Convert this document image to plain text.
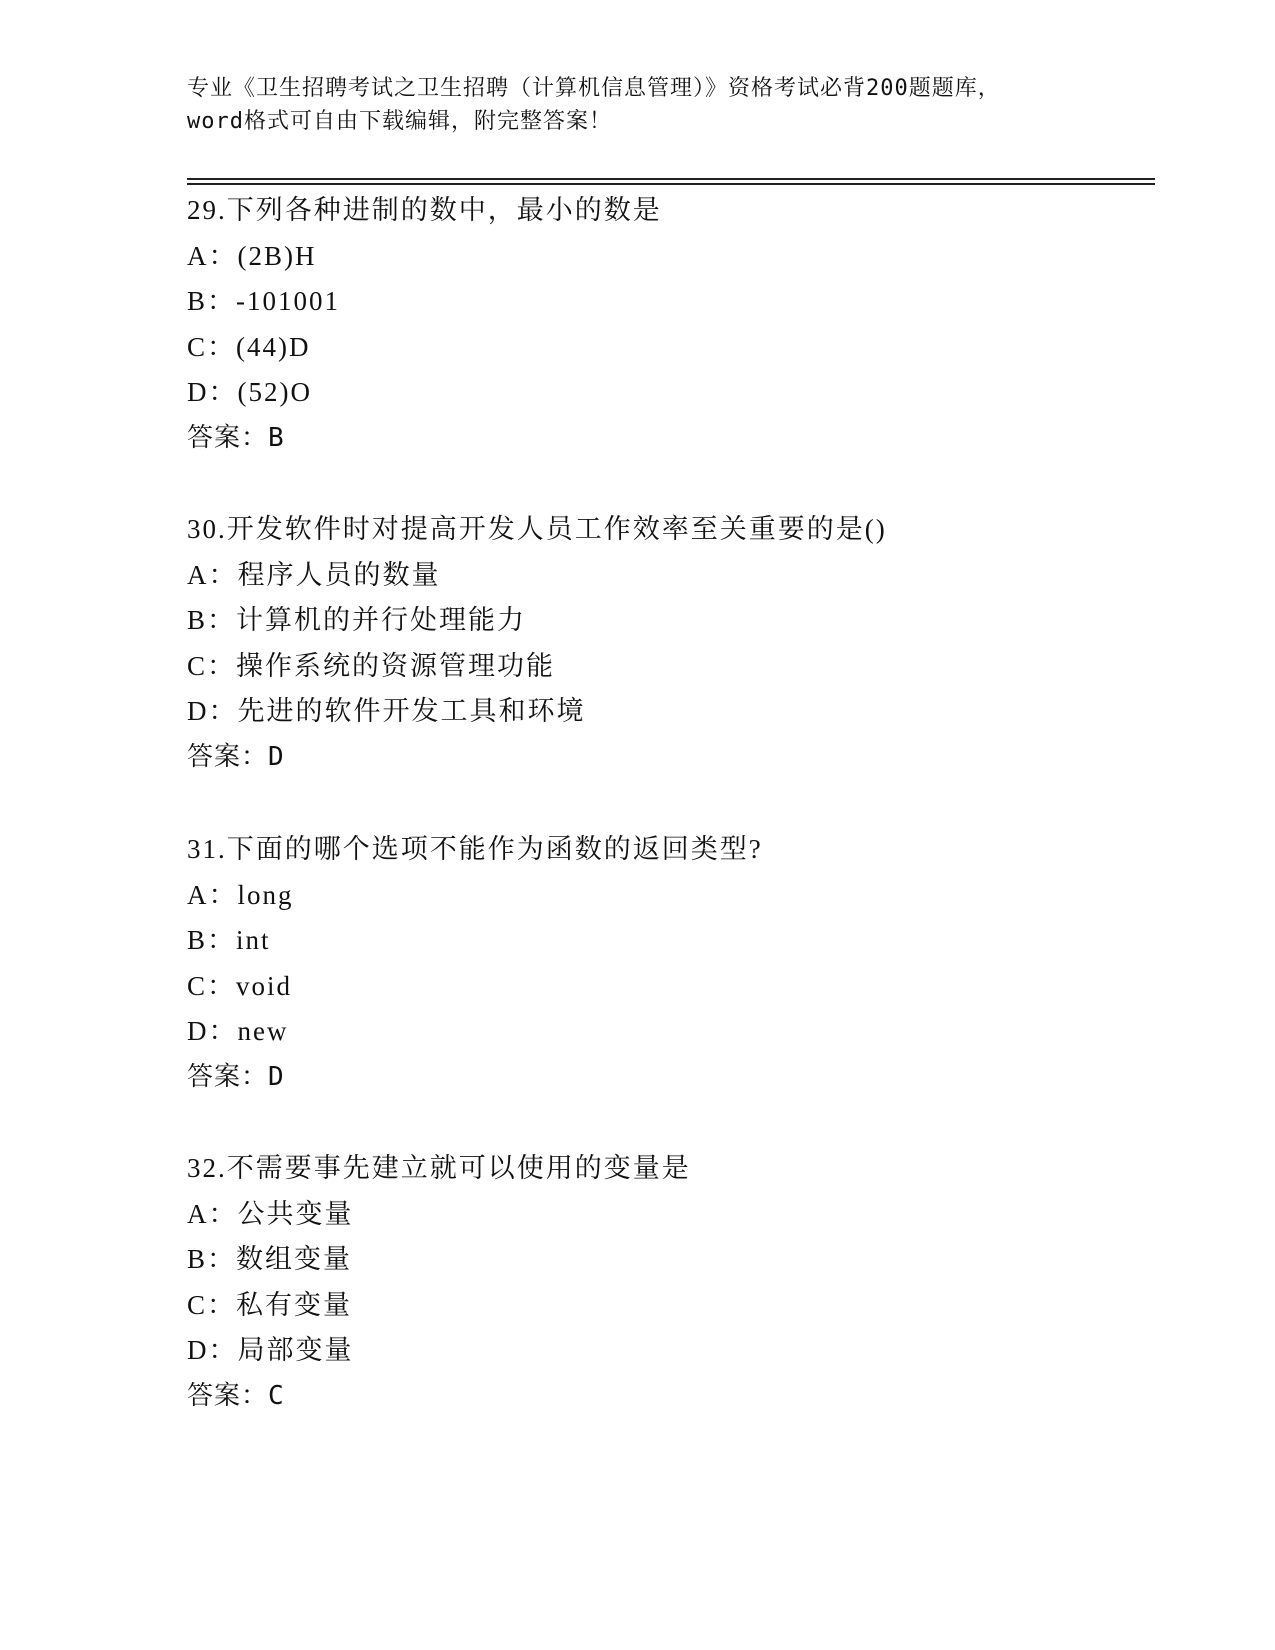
专业《卫生招聘考试之卫生招聘（计算机信息管理）》资格考试必背200题题库，
word格式可自由下载编辑，附完整答案！
29.下列各种进制的数中，最小的数是
A：(2B)H
B：-101001
C：(44)D
D：(52)O
答案：B
30.开发软件时对提高开发人员工作效率至关重要的是()
A：程序人员的数量
B：计算机的并行处理能力
C：操作系统的资源管理功能
D：先进的软件开发工具和环境
答案：D
31.下面的哪个选项不能作为函数的返回类型?
A：long
B：int
C：void
D：new
答案：D
32.不需要事先建立就可以使用的变量是
A：公共变量
B：数组变量
C：私有变量
D：局部变量
答案：C
